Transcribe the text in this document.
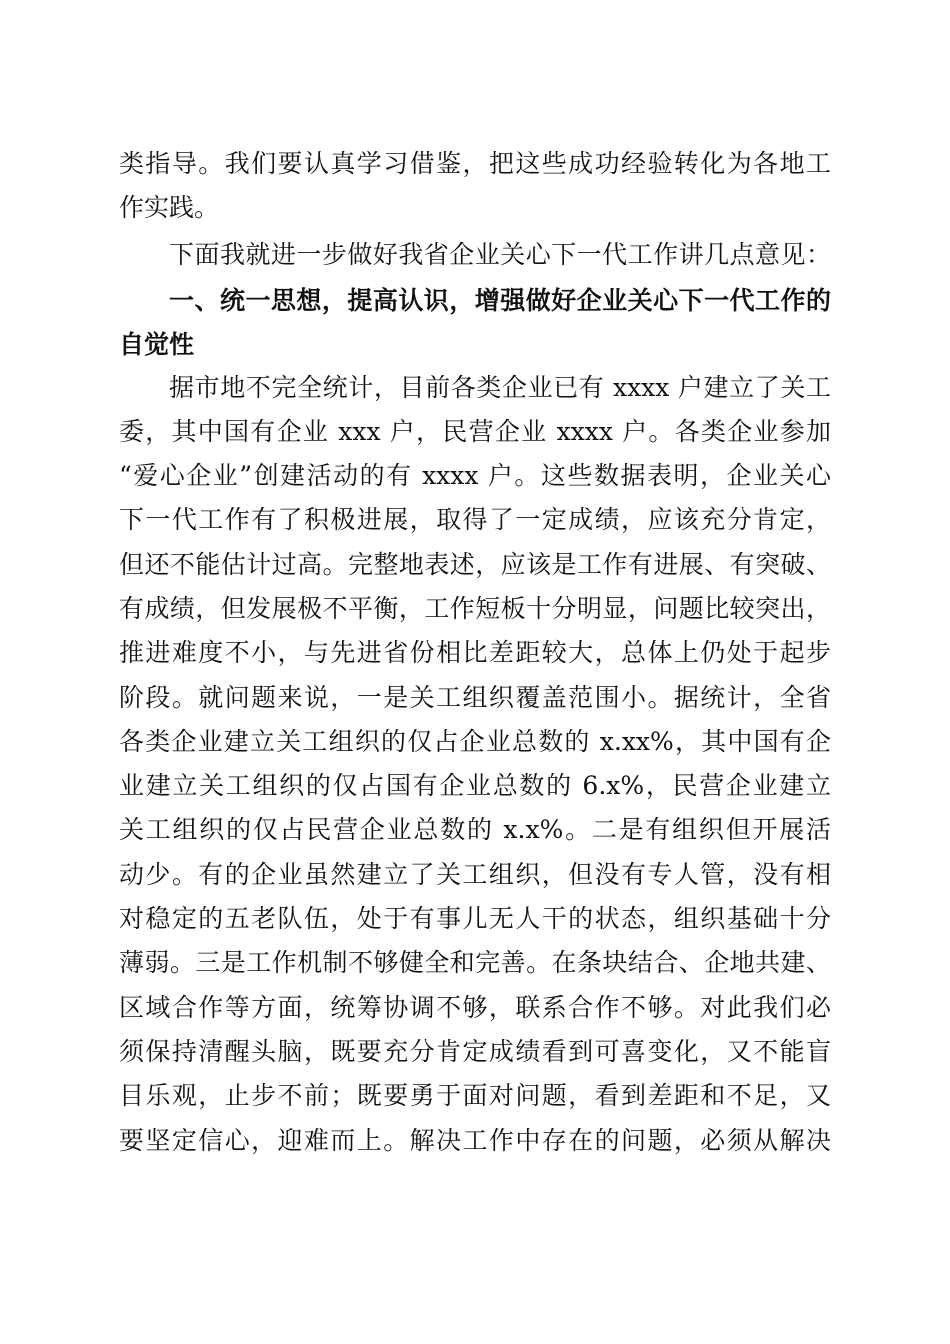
类指导。我们要认真学习借鉴，把这些成功经验转化为各地工
作实践。
下面我就进一步做好我省企业关心下一代工作讲几点意见：
一、统一思想，提高认识，增强做好企业关心下一代工作的
自觉性
据市地不完全统计，目前各类企业已有 xxxx 户建立了关工
委，其中国有企业 xxx 户，民营企业 xxxx 户。各类企业参加
“爱心企业”创建活动的有 xxxx 户。这些数据表明，企业关心
下一代工作有了积极进展，取得了一定成绩，应该充分肯定，
但还不能估计过高。完整地表述，应该是工作有进展、有突破、
有成绩，但发展极不平衡，工作短板十分明显，问题比较突出，
推进难度不小，与先进省份相比差距较大，总体上仍处于起步
阶段。就问题来说，一是关工组织覆盖范围小。据统计，全省
各类企业建立关工组织的仅占企业总数的 x.xx%，其中国有企
业建立关工组织的仅占国有企业总数的 6.x%，民营企业建立
关工组织的仅占民营企业总数的 x.x%。二是有组织但开展活
动少。有的企业虽然建立了关工组织，但没有专人管，没有相
对稳定的五老队伍，处于有事儿无人干的状态，组织基础十分
薄弱。三是工作机制不够健全和完善。在条块结合、企地共建、
区域合作等方面，统筹协调不够，联系合作不够。对此我们必
须保持清醒头脑，既要充分肯定成绩看到可喜变化，又不能盲
目乐观，止步不前；既要勇于面对问题，看到差距和不足，又
要坚定信心，迎难而上。解决工作中存在的问题，必须从解决
